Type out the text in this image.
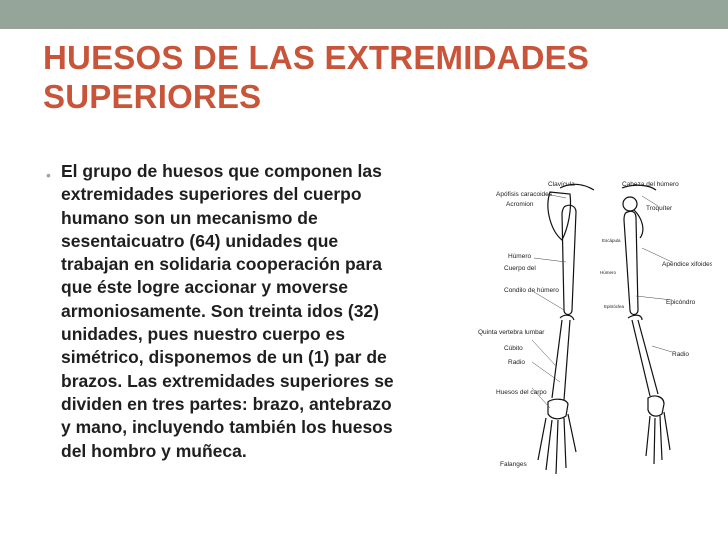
HUESOS DE LAS EXTREMIDADES
SUPERIORES
• El grupo de huesos que componen las
extremidades superiores del cuerpo
humano son un mecanismo de
sesentaicuatro (64) unidades que
trabajan en solidaria cooperación para
que éste logre accionar y moverse
armoniosamente. Son treinta idos (32)
unidades, pues nuestro cuerpo es
simétrico, disponemos de un (1) par de
brazos. Las extremidades superiores se
dividen en tres partes: brazo, antebrazo
y mano, incluyendo también los huesos
del hombro y muñeca.
Clavícula
Apófisis caracoides
Acromion
Húmero
Cuerpo del
Condilo de húmero
Quinta vertebra lumbar
Cúbito
Radio
Huesos del carpo
Falanges
Cabeza del húmero
Troquíter
Apéndice xifoides
Epicóndro
Radio
Escápula
Húmero
Epitróclea
